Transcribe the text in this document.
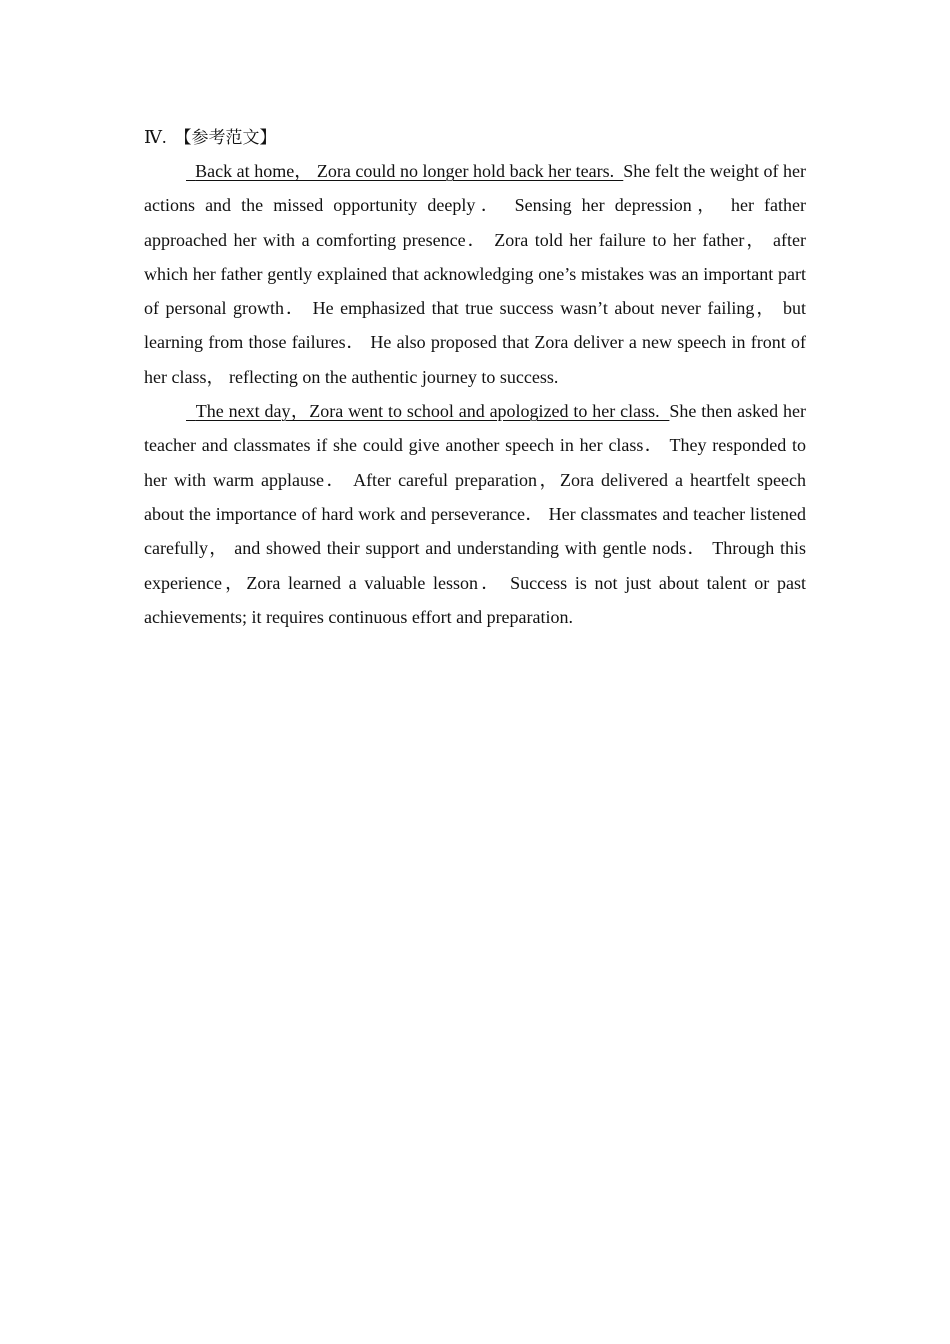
Ⅳ. 【参考范文】

Back at home， Zora could no longer hold back her tears.  She felt the weight of her actions and the missed opportunity deeply． Sensing her depression， her father approached her with a comforting presence． Zora told her failure to her father， after which her father gently explained that acknowledging one’s mistakes was an important part of personal growth． He emphasized that true success wasn’t about never failing， but learning from those failures． He also proposed that Zora deliver a new speech in front of her class， reflecting on the authentic journey to success.

The next day，Zora went to school and apologized to her class.  She then asked her teacher and classmates if she could give another speech in her class． They responded to her with warm applause． After careful preparation，Zora delivered a heartfelt speech about the importance of hard work and perseverance． Her classmates and teacher listened carefully， and showed their support and understanding with gentle nods． Through this experience，Zora learned a valuable lesson． Success is not just about talent or past achievements; it requires continuous effort and preparation.
